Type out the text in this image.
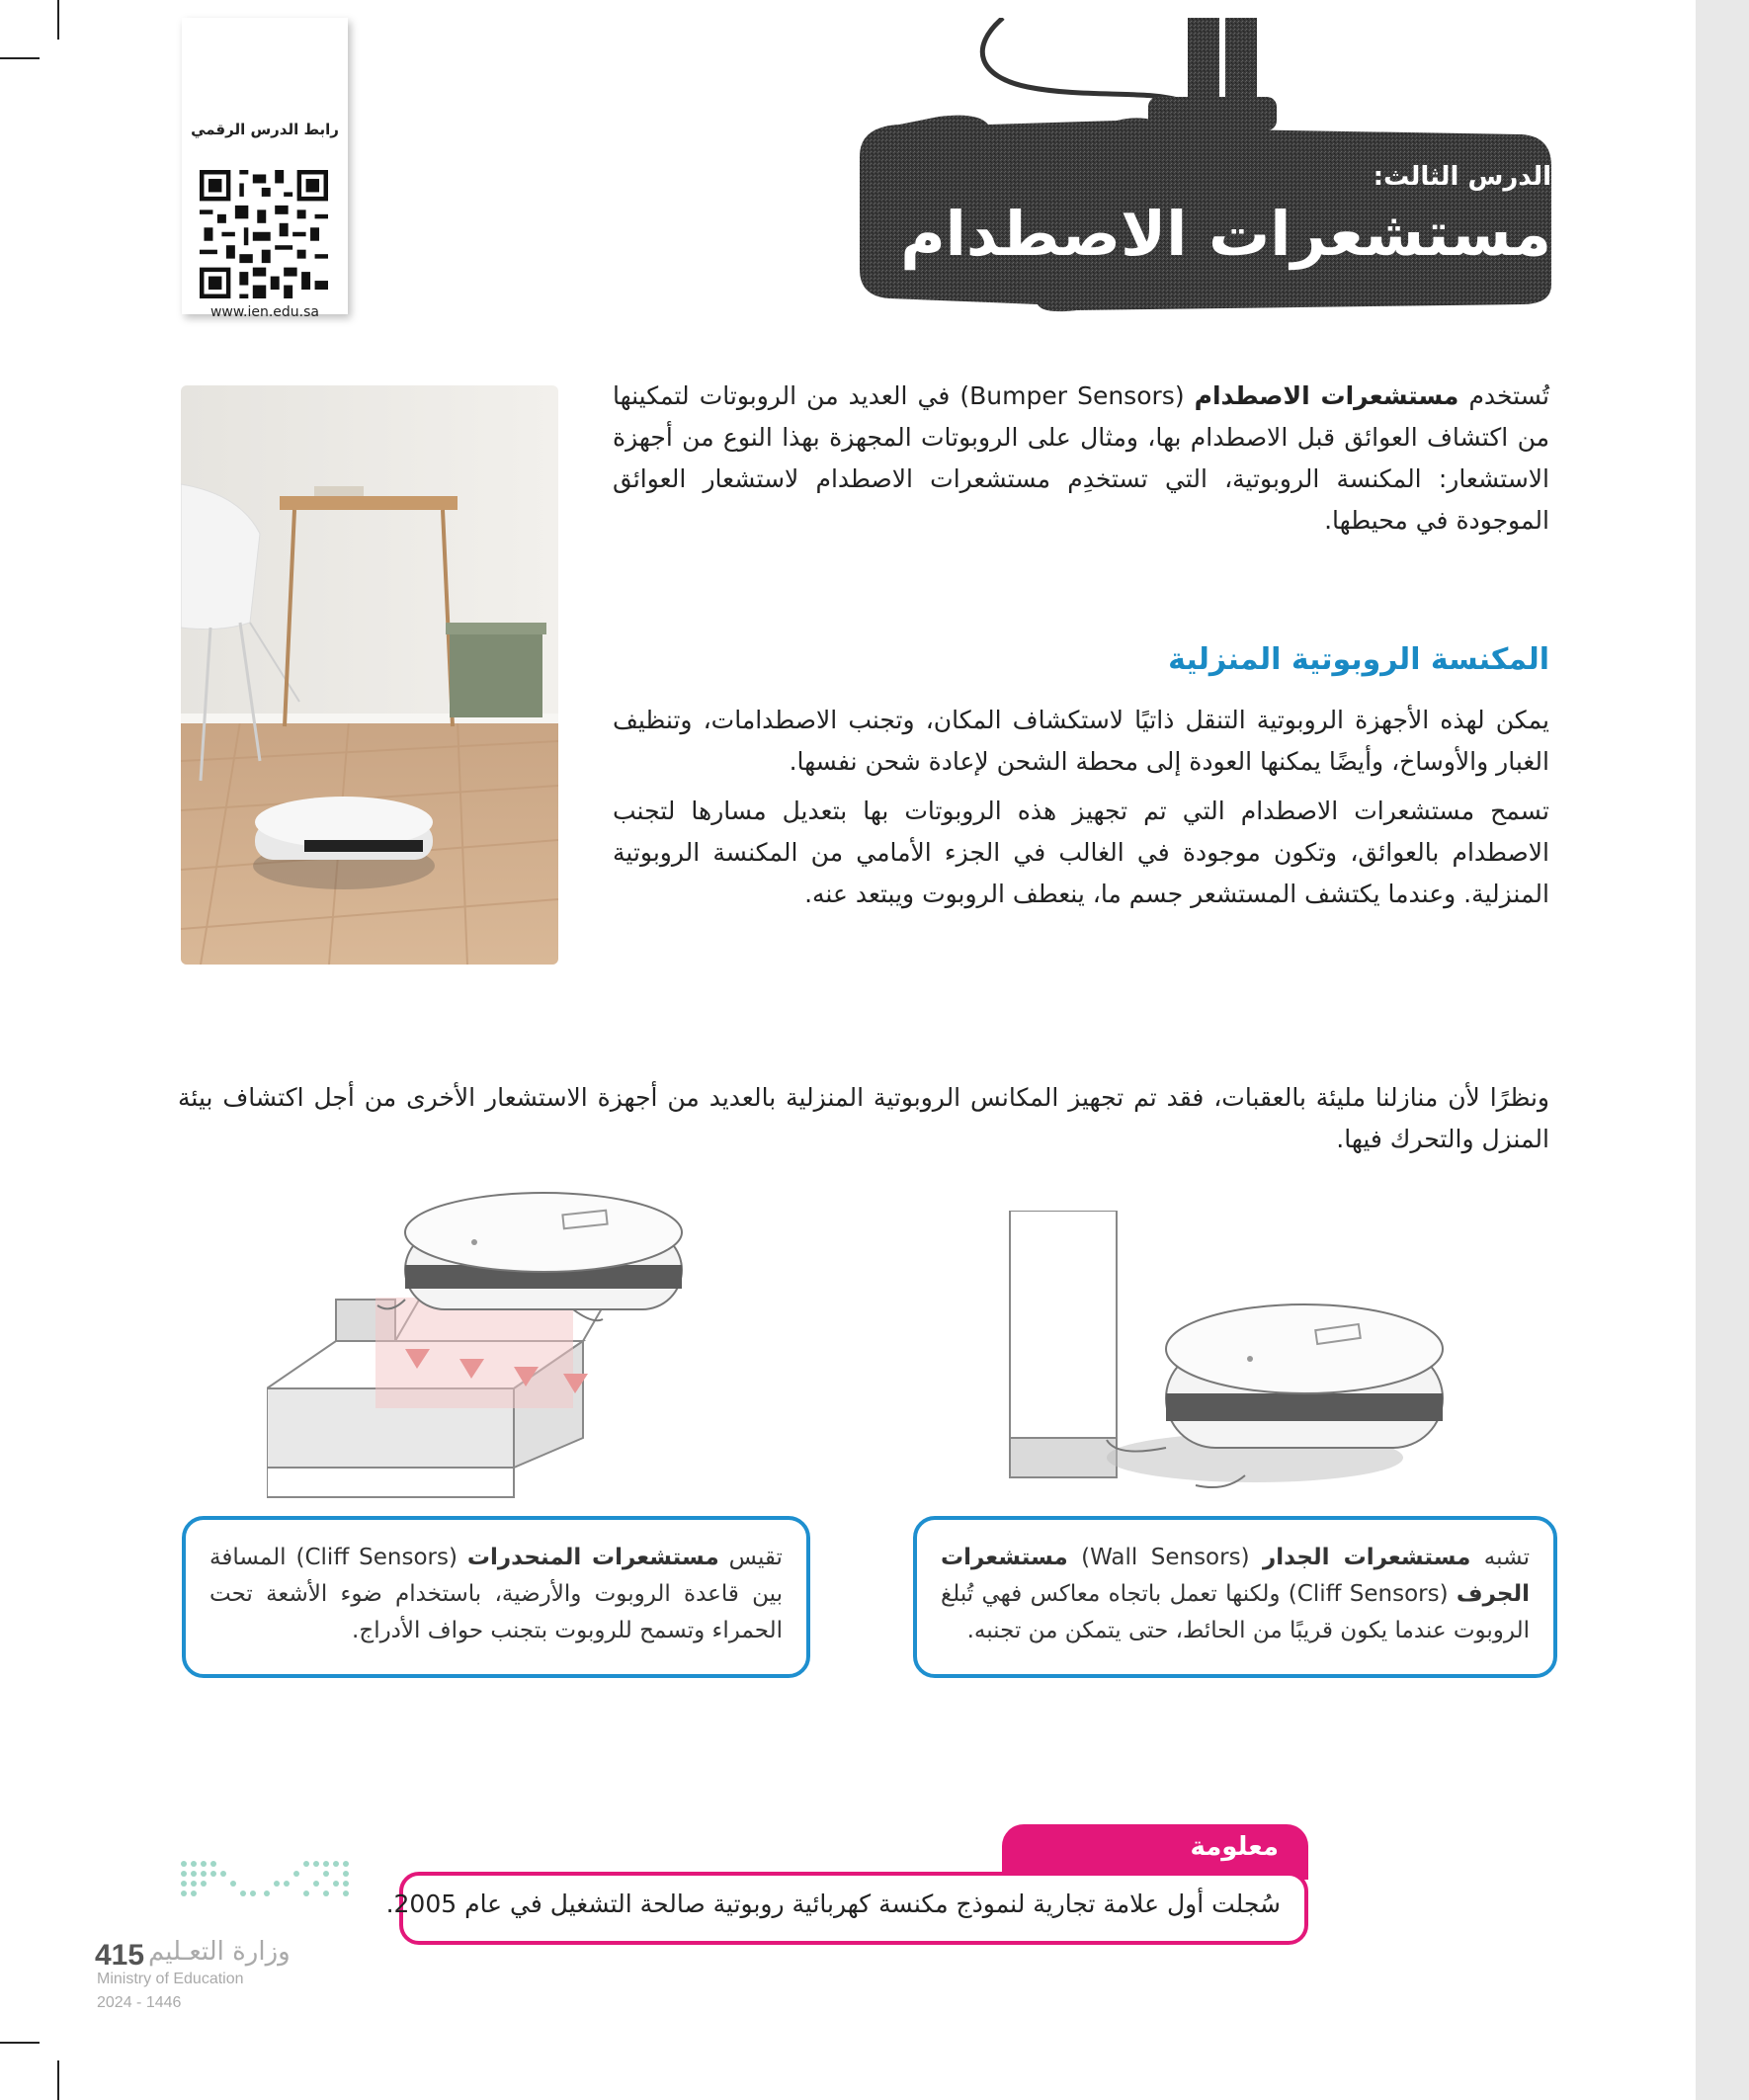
رابط الدرس الرقمي
www.ien.edu.sa
الدرس الثالث:
مستشعرات الاصطدام
تُستخدم مستشعرات الاصطدام (Bumper Sensors) في العديد من الروبوتات لتمكينها من اكتشاف العوائق قبل الاصطدام بها، ومثال على الروبوتات المجهزة بهذا النوع من أجهزة الاستشعار: المكنسة الروبوتية، التي تستخدِم مستشعرات الاصطدام لاستشعار العوائق الموجودة في محيطها.
المكنسة الروبوتية المنزلية
يمكن لهذه الأجهزة الروبوتية التنقل ذاتيًا لاستكشاف المكان، وتجنب الاصطدامات، وتنظيف الغبار والأوساخ، وأيضًا يمكنها العودة إلى محطة الشحن لإعادة شحن نفسها.
تسمح مستشعرات الاصطدام التي تم تجهيز هذه الروبوتات بها بتعديل مسارها لتجنب الاصطدام بالعوائق، وتكون موجودة في الغالب في الجزء الأمامي من المكنسة الروبوتية المنزلية. وعندما يكتشف المستشعر جسم ما، ينعطف الروبوت ويبتعد عنه.
ونظرًا لأن منازلنا مليئة بالعقبات، فقد تم تجهيز المكانس الروبوتية المنزلية بالعديد من أجهزة الاستشعار الأخرى من أجل اكتشاف بيئة المنزل والتحرك فيها.
تشبه مستشعرات الجدار (Wall Sensors) مستشعرات الجرف (Cliff Sensors) ولكنها تعمل باتجاه معاكس فهي تُبلغ الروبوت عندما يكون قريبًا من الحائط، حتى يتمكن من تجنبه.
تقيس مستشعرات المنحدرات (Cliff Sensors) المسافة بين قاعدة الروبوت والأرضية، باستخدام ضوء الأشعة تحت الحمراء وتسمح للروبوت بتجنب حواف الأدراج.
معلومة
سُجلت أول علامة تجارية لنموذج مكنسة كهربائية روبوتية صالحة التشغيل في عام 2005.
وزارة التعـليم
415
Ministry of Education
2024 - 1446
